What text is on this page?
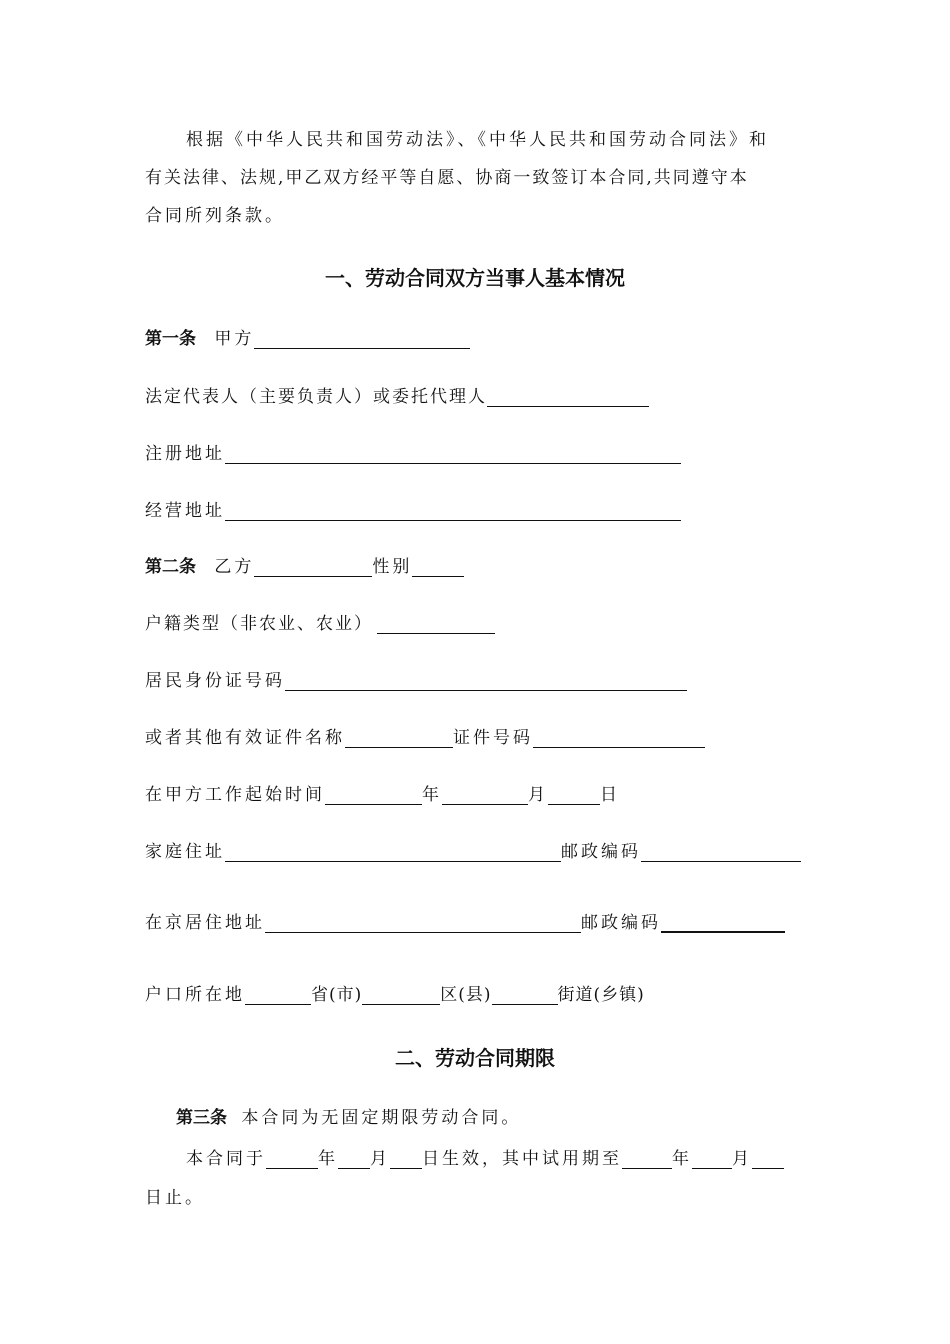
根据《中华人民共和国劳动法》、《中华人民共和国劳动合同法》和
有关法律、法规,甲乙双方经平等自愿、协商一致签订本合同,共同遵守本
合同所列条款。
一、劳动合同双方当事人基本情况
第一条 甲方
法定代表人（主要负责人）或委托代理人
注册地址
经营地址
第二条 乙方	性别
户籍类型（非农业、农业）
居民身份证号码
或者其他有效证件名称	证件号码
在甲方工作起始时间	年	月	日
家庭住址	邮政编码
在京居住地址	邮政编码
户口所在地	省(市)	区(县)	街道(乡镇)
二、劳动合同期限
第三条 本合同为无固定期限劳动合同。
本合同于	年 月 日生效，其中试用期至	年 月
日止。
